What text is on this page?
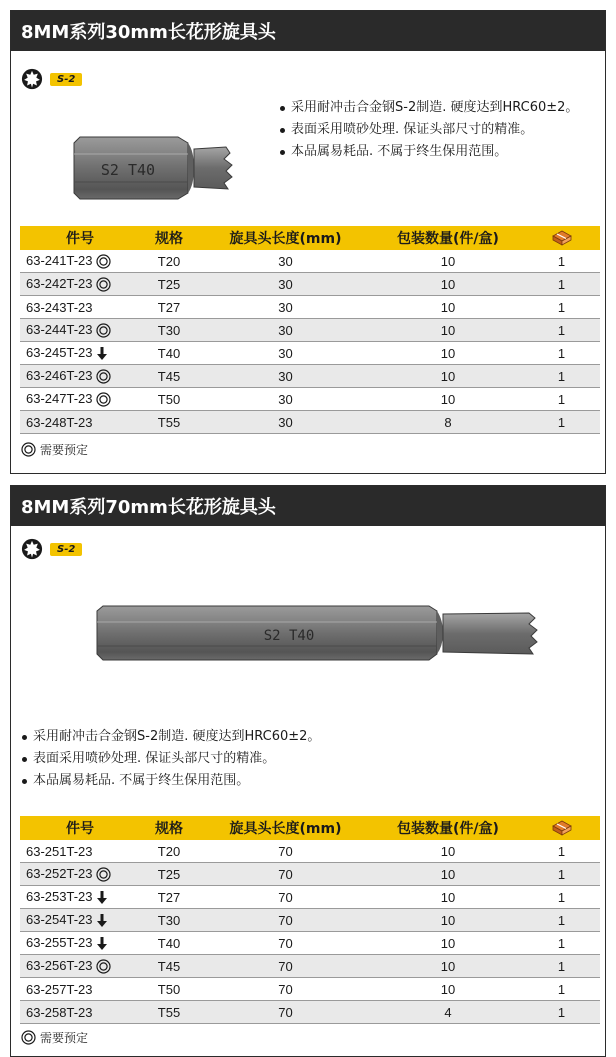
8MM系列30mm长花形旋具头
S-2
S2 T40
采用耐冲击合金钢S-2制造. 硬度达到HRC60±2。
表面采用喷砂处理. 保证头部尺寸的精准。
本品属易耗品. 不属于终生保用范围。
件号	规格	旋具头长度(mm)	包装数量(件/盒)	
63-241T-23	T20	30	10	1
63-242T-23	T25	30	10	1
63-243T-23	T27	30	10	1
63-244T-23	T30	30	10	1
63-245T-23	T40	30	10	1
63-246T-23	T45	30	10	1
63-247T-23	T50	30	10	1
63-248T-23	T55	30	8	1
需要预定
8MM系列70mm长花形旋具头
S-2
S2 T40
采用耐冲击合金钢S-2制造. 硬度达到HRC60±2。
表面采用喷砂处理. 保证头部尺寸的精准。
本品属易耗品. 不属于终生保用范围。
件号	规格	旋具头长度(mm)	包装数量(件/盒)	
63-251T-23	T20	70	10	1
63-252T-23	T25	70	10	1
63-253T-23	T27	70	10	1
63-254T-23	T30	70	10	1
63-255T-23	T40	70	10	1
63-256T-23	T45	70	10	1
63-257T-23	T50	70	10	1
63-258T-23	T55	70	4	1
需要预定
